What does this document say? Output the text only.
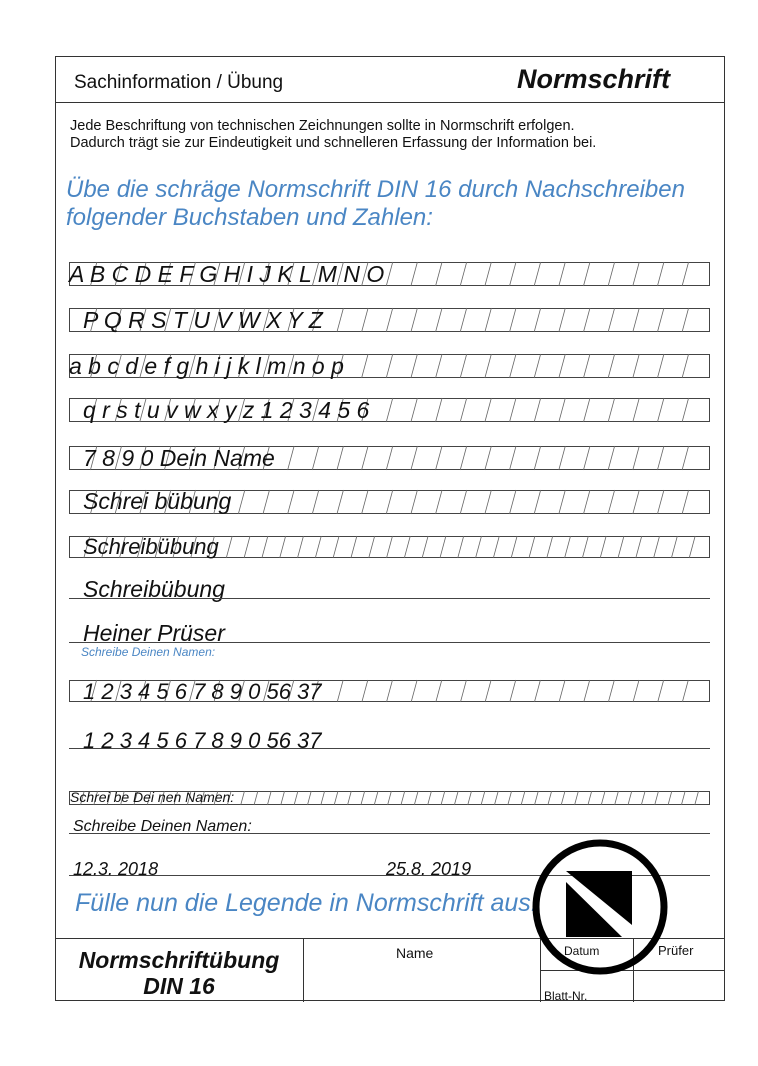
Sachinformation / Übung	Normschrift
Jede Beschriftung von technischen Zeichnungen sollte in Normschrift erfolgen.
Dadurch trägt sie zur Eindeutigkeit und schnelleren Erfassung der Information bei.
Übe die schräge Normschrift DIN 16 durch Nachschreiben
folgender Buchstaben und Zahlen:
A B C D E F G H I J K L M N O
P Q R S T U V W X Y Z
a b c d e f g h i j k l m n o p
q r s t u v w x y z 1 2 3 4 5 6
7 8 9 0 Dein Name
Schrei bübung
Schreibübung
Schreibübung
Heiner Prüser
Schreibe Deinen Namen:
1 2 3 4 5 6 7 8 9 0 56 37
1 2 3 4 5 6 7 8 9 0 56 37
Schrei be Dei nen Namen:
Schreibe Deinen Namen:
12.3. 2018	25.8. 2019
Fülle nun die Legende in Normschrift aus!
Normschriftübung
DIN 16
Name	Datum	Prüfer
Blatt-Nr.
